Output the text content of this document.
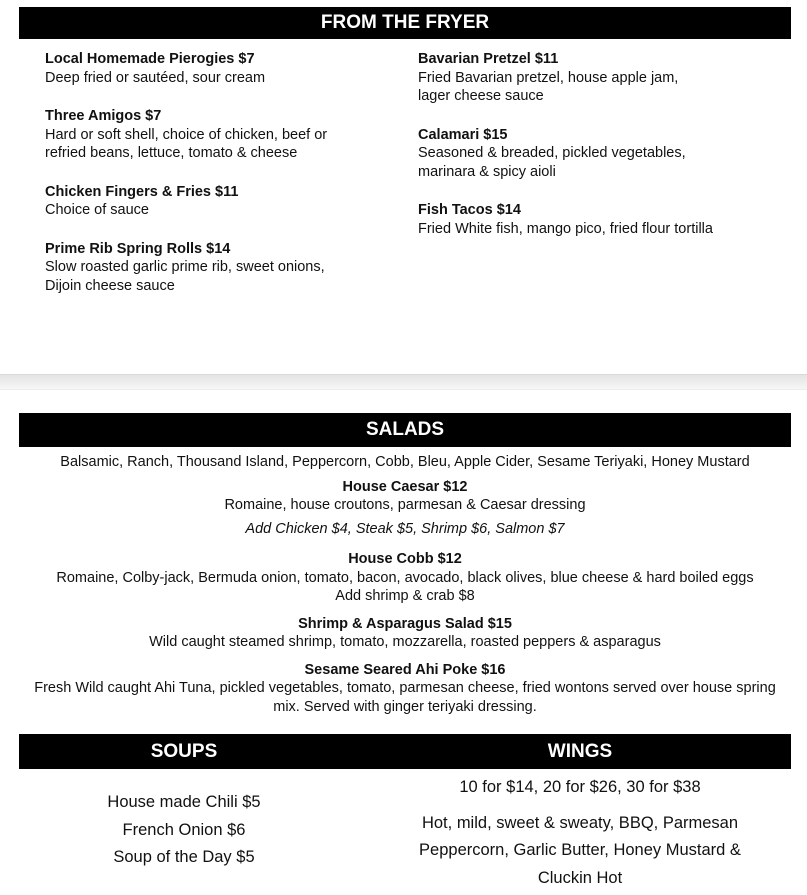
FROM THE FRYER
Local Homemade Pierogies $7
Deep fried or sautéed, sour cream
Three Amigos $7
Hard or soft shell, choice of chicken, beef or
refried beans, lettuce, tomato & cheese
Chicken Fingers & Fries $11
Choice of sauce
Prime Rib Spring Rolls $14
Slow roasted garlic prime rib, sweet onions,
Dijoin cheese sauce
Bavarian Pretzel $11
Fried Bavarian pretzel, house apple jam,
lager cheese sauce
Calamari $15
Seasoned & breaded, pickled vegetables,
marinara & spicy aioli
Fish Tacos $14
Fried White fish, mango pico, fried flour tortilla
SALADS
Balsamic, Ranch, Thousand Island, Peppercorn, Cobb, Bleu, Apple Cider, Sesame Teriyaki, Honey Mustard
House Caesar $12
Romaine, house croutons, parmesan & Caesar dressing
Add Chicken $4, Steak $5, Shrimp $6, Salmon $7
House Cobb $12
Romaine, Colby-jack, Bermuda onion, tomato, bacon, avocado, black olives, blue cheese & hard boiled eggs
Add shrimp & crab $8
Shrimp & Asparagus Salad $15
Wild caught steamed shrimp, tomato, mozzarella, roasted peppers & asparagus
Sesame Seared Ahi Poke $16
Fresh Wild caught Ahi Tuna, pickled vegetables, tomato, parmesan cheese, fried wontons served over house spring mix. Served with ginger teriyaki dressing.
SOUPS	WINGS
House made Chili $5
French Onion $6
Soup of the Day $5
10 for $14, 20 for $26, 30 for $38
Hot, mild, sweet & sweaty, BBQ, Parmesan Peppercorn, Garlic Butter, Honey Mustard & Cluckin Hot
